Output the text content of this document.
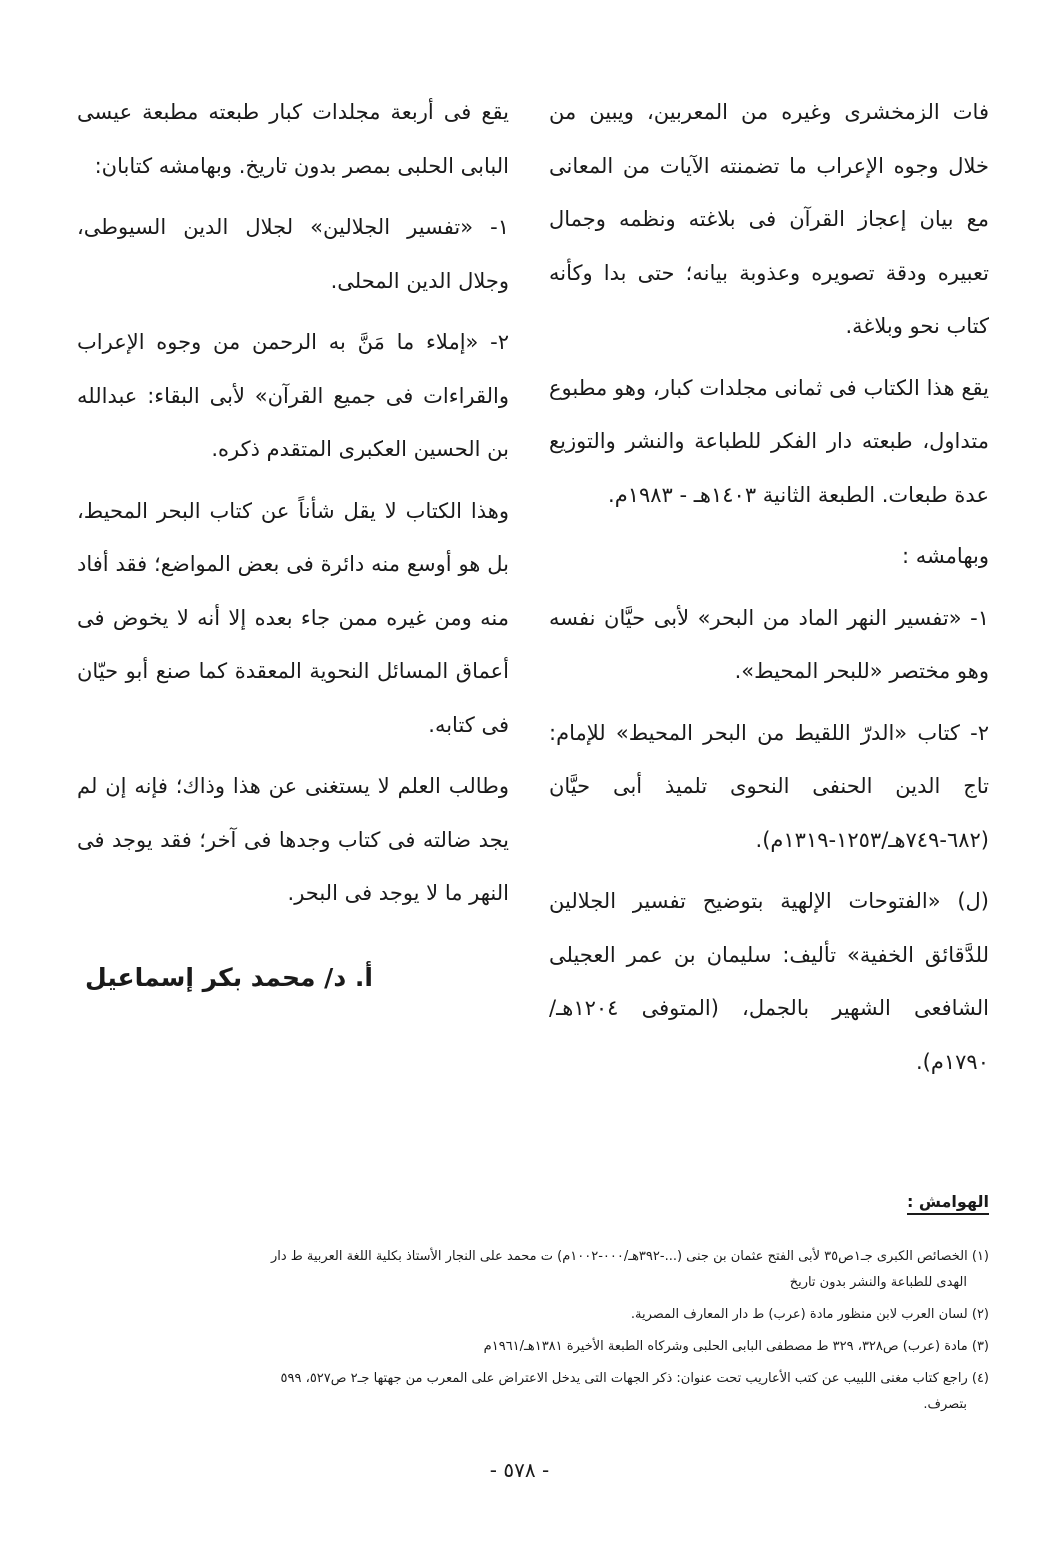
فات الزمخشرى وغيره من المعربين، ويبين من خلال وجوه الإعراب ما تضمنته الآيات من المعانى مع بيان إعجاز القرآن فى بلاغته ونظمه وجمال تعبيره ودقة تصويره وعذوبة بيانه؛ حتى بدا وكأنه كتاب نحو وبلاغة.

يقع هذا الكتاب فى ثمانى مجلدات كبار، وهو مطبوع متداول، طبعته دار الفكر للطباعة والنشر والتوزيع عدة طبعات. الطبعة الثانية ١٤٠٣هـ - ١٩٨٣م.

وبهامشه :

١- «تفسير النهر الماد من البحر» لأبى حيَّان نفسه وهو مختصر «للبحر المحيط».

٢- كتاب «الدرّ اللقيط من البحر المحيط» للإمام: تاج الدين الحنفى النحوى تلميذ أبى حيَّان (٦٨٢-٧٤٩هـ/١٢٥٣-١٣١٩م).

(ل) «الفتوحات الإلهية بتوضيح تفسير الجلالين للدَّقائق الخفية» تأليف: سليمان بن عمر العجيلى الشافعى الشهير بالجمل، (المتوفى ١٢٠٤هـ/١٧٩٠م).

يقع فى أربعة مجلدات كبار طبعته مطبعة عيسى البابى الحلبى بمصر بدون تاريخ. وبهامشه كتابان:

١- «تفسير الجلالين» لجلال الدين السيوطى، وجلال الدين المحلى.

٢- «إملاء ما مَنَّ به الرحمن من وجوه الإعراب والقراءات فى جميع القرآن» لأبى البقاء: عبدالله بن الحسين العكبرى المتقدم ذكره.

وهذا الكتاب لا يقل شأناً عن كتاب البحر المحيط، بل هو أوسع منه دائرة فى بعض المواضع؛ فقد أفاد منه ومن غيره ممن جاء بعده إلا أنه لا يخوض فى أعماق المسائل النحوية المعقدة كما صنع أبو حيّان فى كتابه.

وطالب العلم لا يستغنى عن هذا وذاك؛ فإنه إن لم يجد ضالته فى كتاب وجدها فى آخر؛ فقد يوجد فى النهر ما لا يوجد فى البحر.

أ. د/ محمد بكر إسماعيل

الهوامش :
(١) الخصائص الكبرى جـ١ص٣٥ لأبى الفتح عثمان بن جنى (...-٣٩٢هـ/٠٠٠-١٠٠٢م) ت محمد على النجار الأستاذ بكلية اللغة العربية ط دار
الهدى للطباعة والنشر بدون تاريخ
(٢) لسان العرب لابن منظور مادة (عرب) ط دار المعارف المصرية.
(٣) مادة (عرب) ص٣٢٨، ٣٢٩ ط مصطفى البابى الحلبى وشركاه الطبعة الأخيرة ١٣٨١هـ/١٩٦١م
(٤) راجع كتاب مغنى اللبيب عن كتب الأعاريب تحت عنوان: ذكر الجهات التى يدخل الاعتراض على المعرب من جهتها جـ٢ ص٥٢٧، ٥٩٩
بتصرف.
- ٥٧٨ -
